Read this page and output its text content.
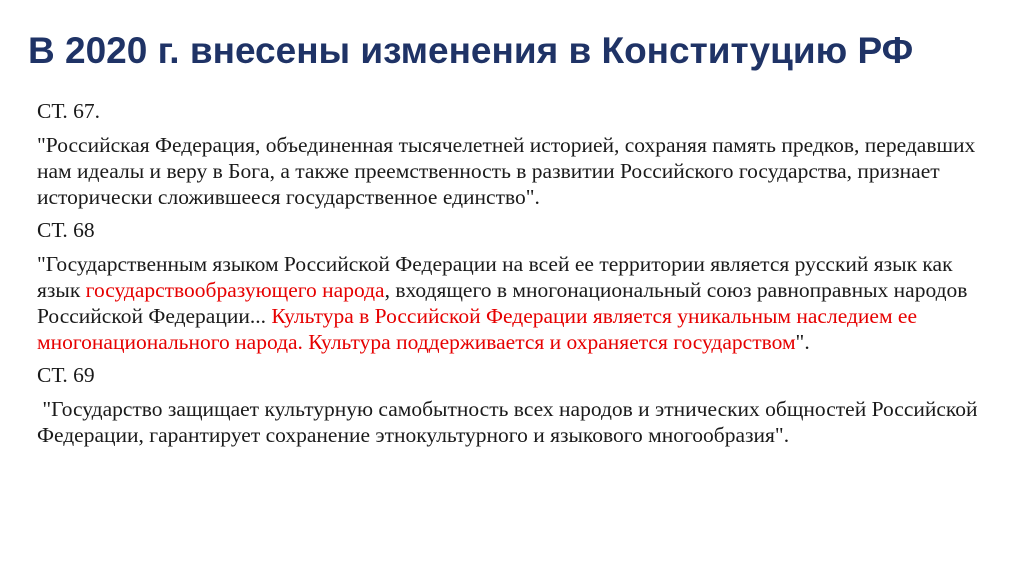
В 2020 г. внесены изменения в Конституцию РФ
СТ. 67.
"Российская Федерация, объединенная тысячелетней историей, сохраняя память предков, передавших нам идеалы и веру в Бога, а также преемственность в развитии Российского государства, признает исторически сложившееся государственное единство".
СТ. 68
"Государственным языком Российской Федерации на всей ее территории является русский язык как язык государствообразующего народа, входящего в многонациональный союз равноправных народов Российской Федерации... Культура в Российской Федерации является уникальным наследием ее многонационального народа. Культура поддерживается и охраняется государством".
СТ. 69
"Государство защищает культурную самобытность всех народов и этнических общностей Российской Федерации, гарантирует сохранение этнокультурного и языкового многообразия".
